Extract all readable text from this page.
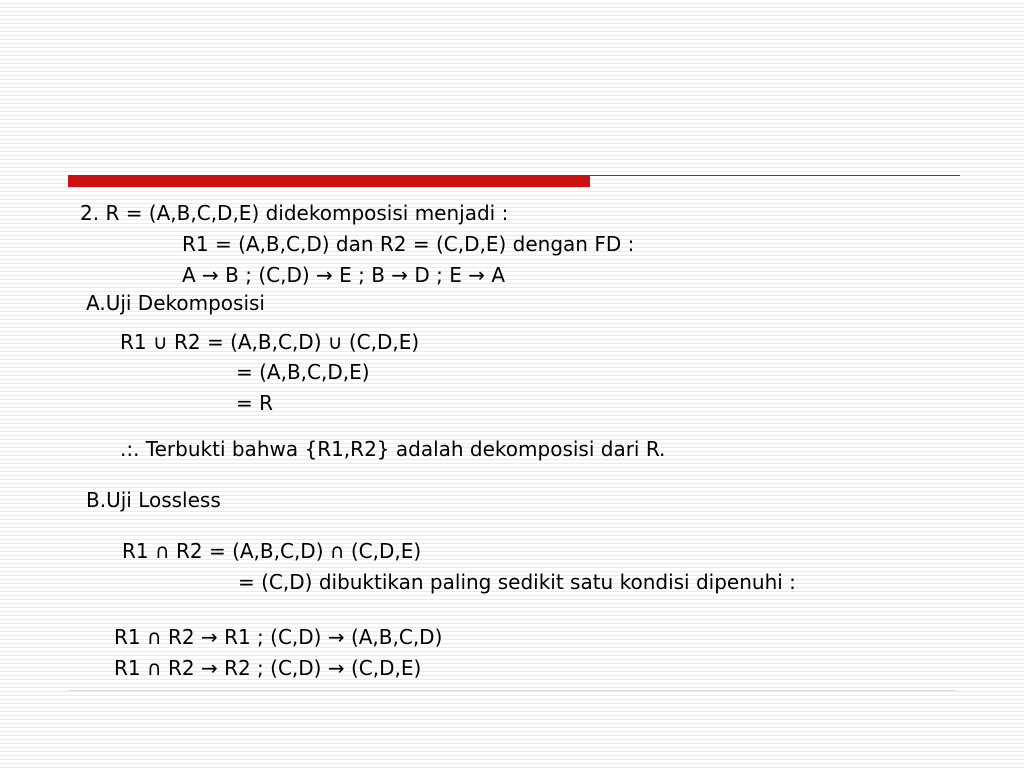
2. R = (A,B,C,D,E) didekomposisi menjadi :
R1 = (A,B,C,D) dan R2 = (C,D,E) dengan FD :
A → B ; (C,D) → E ; B → D ; E → A
A.Uji Dekomposisi
R1 ∪ R2 = (A,B,C,D) ∪ (C,D,E)
= (A,B,C,D,E)
= R
.:. Terbukti bahwa {R1,R2} adalah dekomposisi dari R.
B.Uji Lossless
R1 ∩ R2 = (A,B,C,D) ∩ (C,D,E)
= (C,D) dibuktikan paling sedikit satu kondisi dipenuhi :
R1 ∩ R2 → R1 ; (C,D) → (A,B,C,D)
R1 ∩ R2 → R2 ; (C,D) → (C,D,E)
